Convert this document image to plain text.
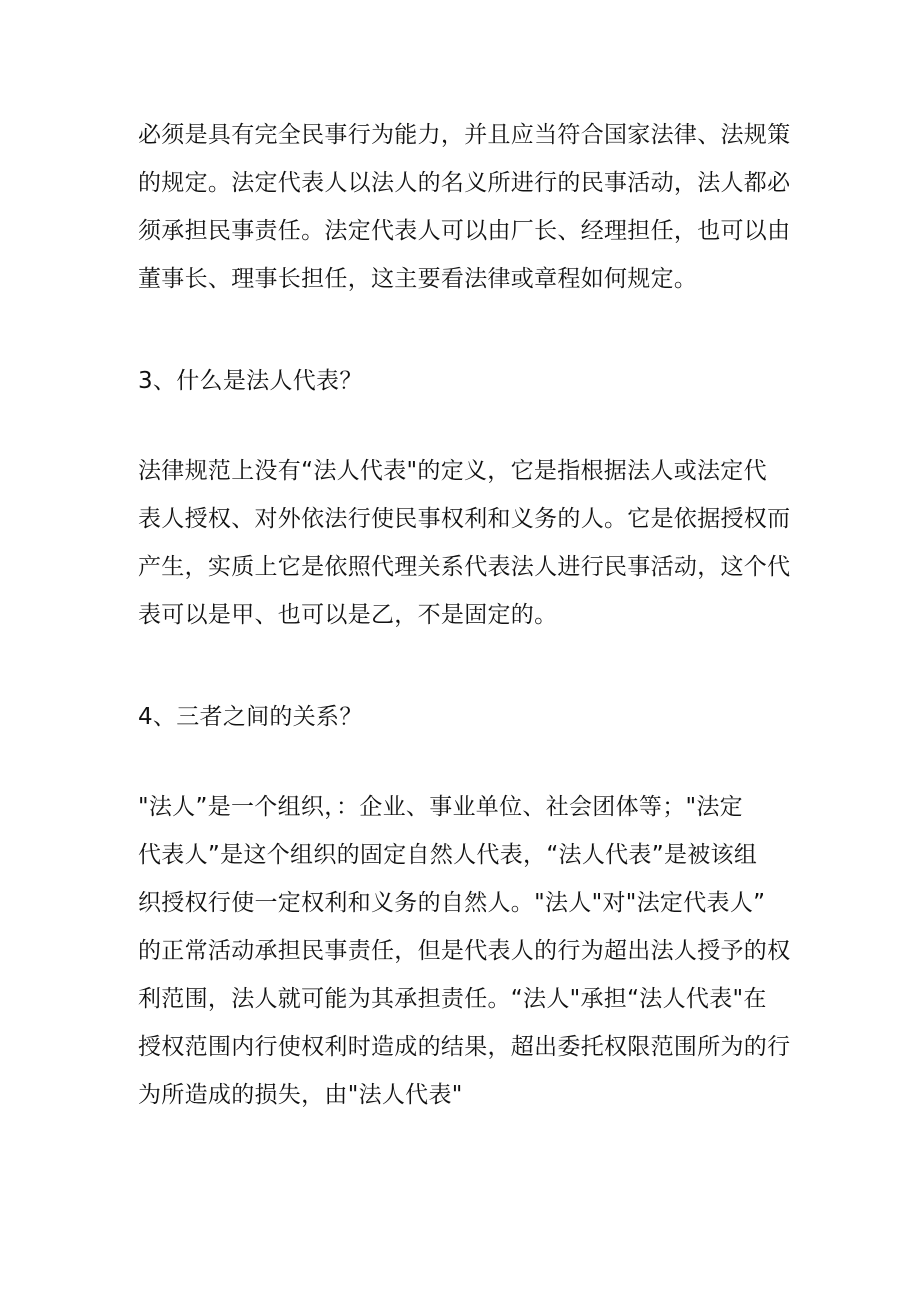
必须是具有完全民事行为能力，并且应当符合国家法律、法规策
的规定。法定代表人以法人的名义所进行的民事活动，法人都必
须承担民事责任。法定代表人可以由厂长、经理担任，也可以由
董事长、理事长担任，这主要看法律或章程如何规定。
3、什么是法人代表？
法律规范上没有“法人代表"的定义，它是指根据法人或法定代
表人授权、对外依法行使民事权利和义务的人。它是依据授权而
产生，实质上它是依照代理关系代表法人进行民事活动，这个代
表可以是甲、也可以是乙，不是固定的。
4、三者之间的关系？
"法人”是一个组织，：企业、事业单位、社会团体等；"法定
代表人”是这个组织的固定自然人代表，“法人代表”是被该组
织授权行使一定权利和义务的自然人。"法人"对"法定代表人”
的正常活动承担民事责任，但是代表人的行为超出法人授予的权
利范围，法人就可能为其承担责任。“法人"承担“法人代表"在
授权范围内行使权利时造成的结果，超出委托权限范围所为的行
为所造成的损失，由"法人代表"
